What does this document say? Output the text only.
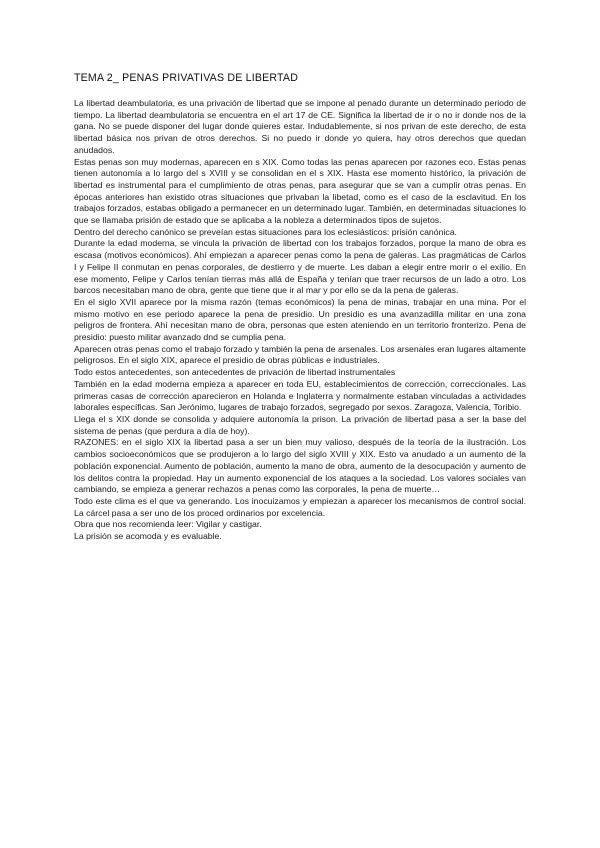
TEMA 2_ PENAS PRIVATIVAS DE LIBERTAD

La libertad deambulatoria, es una privación de libertad que se impone al penado durante un determinado periodo de tiempo. La libertad deambulatoria se encuentra en el art 17 de CE. Significa la libertad de ir o no ir donde nos de la gana. No se puede disponer del lugar donde quieres estar. Indudablemente, si nos privan de este derecho, de esta libertad básica nos privan de otros derechos. Si no puedo ir donde yo quiera, hay otros derechos que quedan anudados.

Estas penas son muy modernas, aparecen en s XIX. Como todas las penas aparecen por razones eco. Estas penas tienen autonomía a lo largo del s XVIII y se consolidan en el s XIX. Hasta ese momento histórico, la privación de libertad es instrumental para el cumplimiento de otras penas, para asegurar que se van a cumplir otras penas. En épocas anteriores han existido otras situaciones que privaban la libetad, como es el caso de la esclavitud. En los trabajos forzados, estabas obligado a permanecer en un determinado lugar. También, en determinadas situaciones lo que se llamaba prisión de estado que se aplicaba a la nobleza a determinados tipos de sujetos.

Dentro del derecho canónico se preveían estas situaciones para los eclesiásticos: prisión canónica.

Durante la edad moderna, se vincula la privación de libertad con los trabajos forzados, porque la mano de obra es escasa (motivos económicos). Ahí empiezan a aparecer penas como la pena de galeras. Las pragmáticas de Carlos I y Felipe II conmutan en penas corporales, de destierro y de muerte. Les daban a elegir entre morir o el exilio. En ese momento, Felipe y Carlos tenían tierras más allá de España y tenían que traer recursos de un lado a otro. Los barcos necesitaban mano de obra, gente que tiene que ir al mar y por ello se da la pena de galeras.

En el siglo XVII aparece por la misma razón (temas económicos) la pena de minas, trabajar en una mina. Por el mismo motivo en ese periodo aparece la pena de presidio. Un presidio es una avanzadilla militar en una zona peligros de frontera. Ahí necesitan mano de obra, personas que esten ateniendo en un territorio fronterizo. Pena de presidio: puesto militar avanzado dnd se cumplia pena.

Aparecen otras penas como el trabajo forzado y también la pena de arsenales. Los arsenales eran lugares altamente peligrosos. En el siglo XIX, aparece el presidio de obras públicas e industriales.

Todo estos antecedentes, son antecedentes de privación de libertad instrumentales

También en la edad moderna empieza a aparecer en toda EU, establecimientos de corrección, correccionales. Las primeras casas de corrección aparecieron en Holanda e Inglaterra y normalmente estaban vinculadas a actividades laborales específicas. San Jerónimo, lugares de trabajo forzados, segregado por sexos. Zaragoza, Valencia, Toribio.

Llega el s XIX donde se consolida y adquiere autonomía la prison. La privación de libertad pasa a ser la base del sistema de penas (que perdura a día de hoy).

RAZONES: en el siglo XIX la libertad pasa a ser un bien muy valioso, después de la teoría de la ilustración. Los cambios socioeconómicos que se produjeron a lo largo del siglo XVIII y XIX. Esto va anudado a un aumento de la población exponencial. Aumento de población, aumento la mano de obra, aumento de la desocupación y aumento de los delitos contra la propiedad. Hay un aumento exponencial de los ataques a la sociedad. Los valores sociales van cambiando, se empieza a generar rechazos a penas como las corporales, la pena de muerte…

Todo este clima es el que va generando. Los inocuizamos y empiezan a aparecer los mecanismos de control social. La cárcel pasa a ser uno de los proced ordinarios por excelencia.

Obra que nos recomienda leer: Vigilar y castigar.

La prisión se acomoda y es evaluable.
